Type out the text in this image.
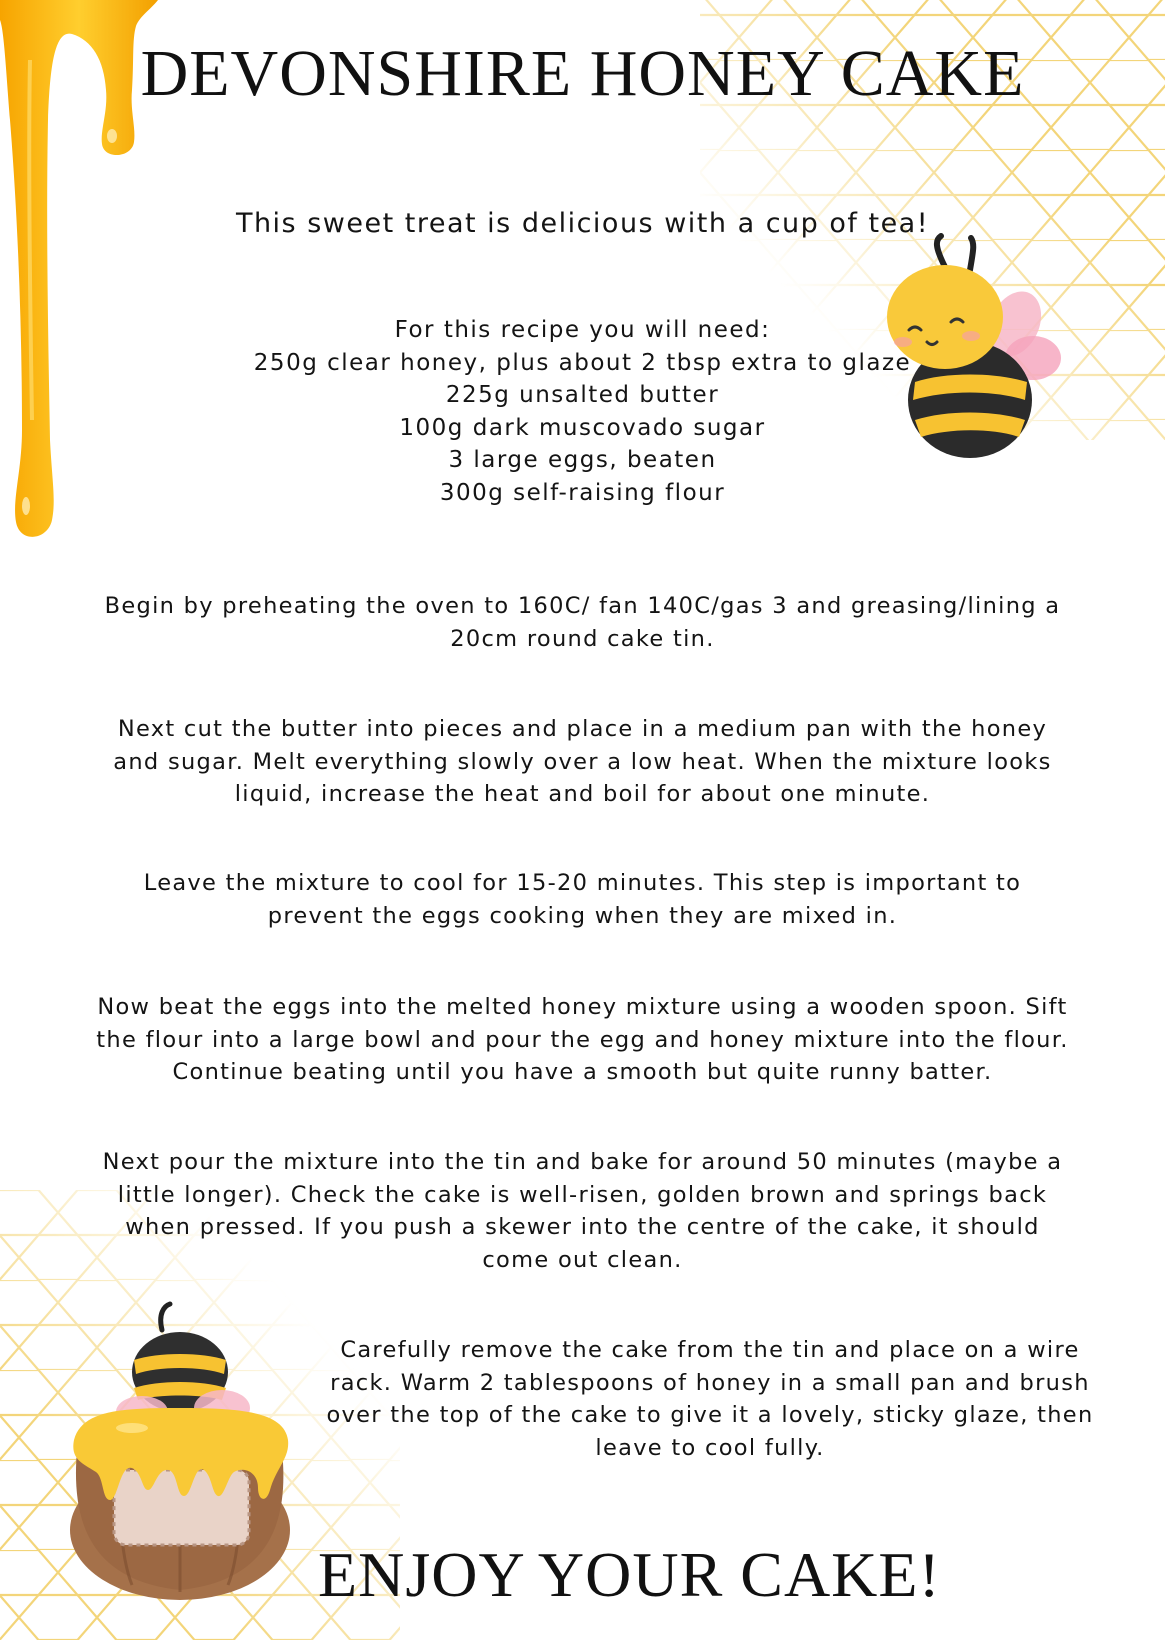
DEVONSHIRE HONEY CAKE
This sweet treat is delicious with a cup of tea!
For this recipe you will need:
250g clear honey, plus about 2 tbsp extra to glaze
225g unsalted butter
100g dark muscovado sugar
3 large eggs, beaten
300g self-raising flour
Begin by preheating the oven to 160C/ fan 140C/gas 3 and greasing/lining a 20cm round cake tin.
Next cut the butter into pieces and place in a medium pan with the honey and sugar. Melt everything slowly over a low heat. When the mixture looks liquid, increase the heat and boil for about one minute.
Leave the mixture to cool for 15-20 minutes. This step is important to prevent the eggs cooking when they are mixed in.
Now beat the eggs into the melted honey mixture using a wooden spoon. Sift the flour into a large bowl and pour the egg and honey mixture into the flour. Continue beating until you have a smooth but quite runny batter.
Next pour the mixture into the tin and bake for around 50 minutes (maybe a little longer). Check the cake is well-risen, golden brown and springs back when pressed. If you push a skewer into the centre of the cake, it should come out clean.
Carefully remove the cake from the tin and place on a wire rack. Warm 2 tablespoons of honey in a small pan and brush over the top of the cake to give it a lovely, sticky glaze, then leave to cool fully.
ENJOY YOUR CAKE!
